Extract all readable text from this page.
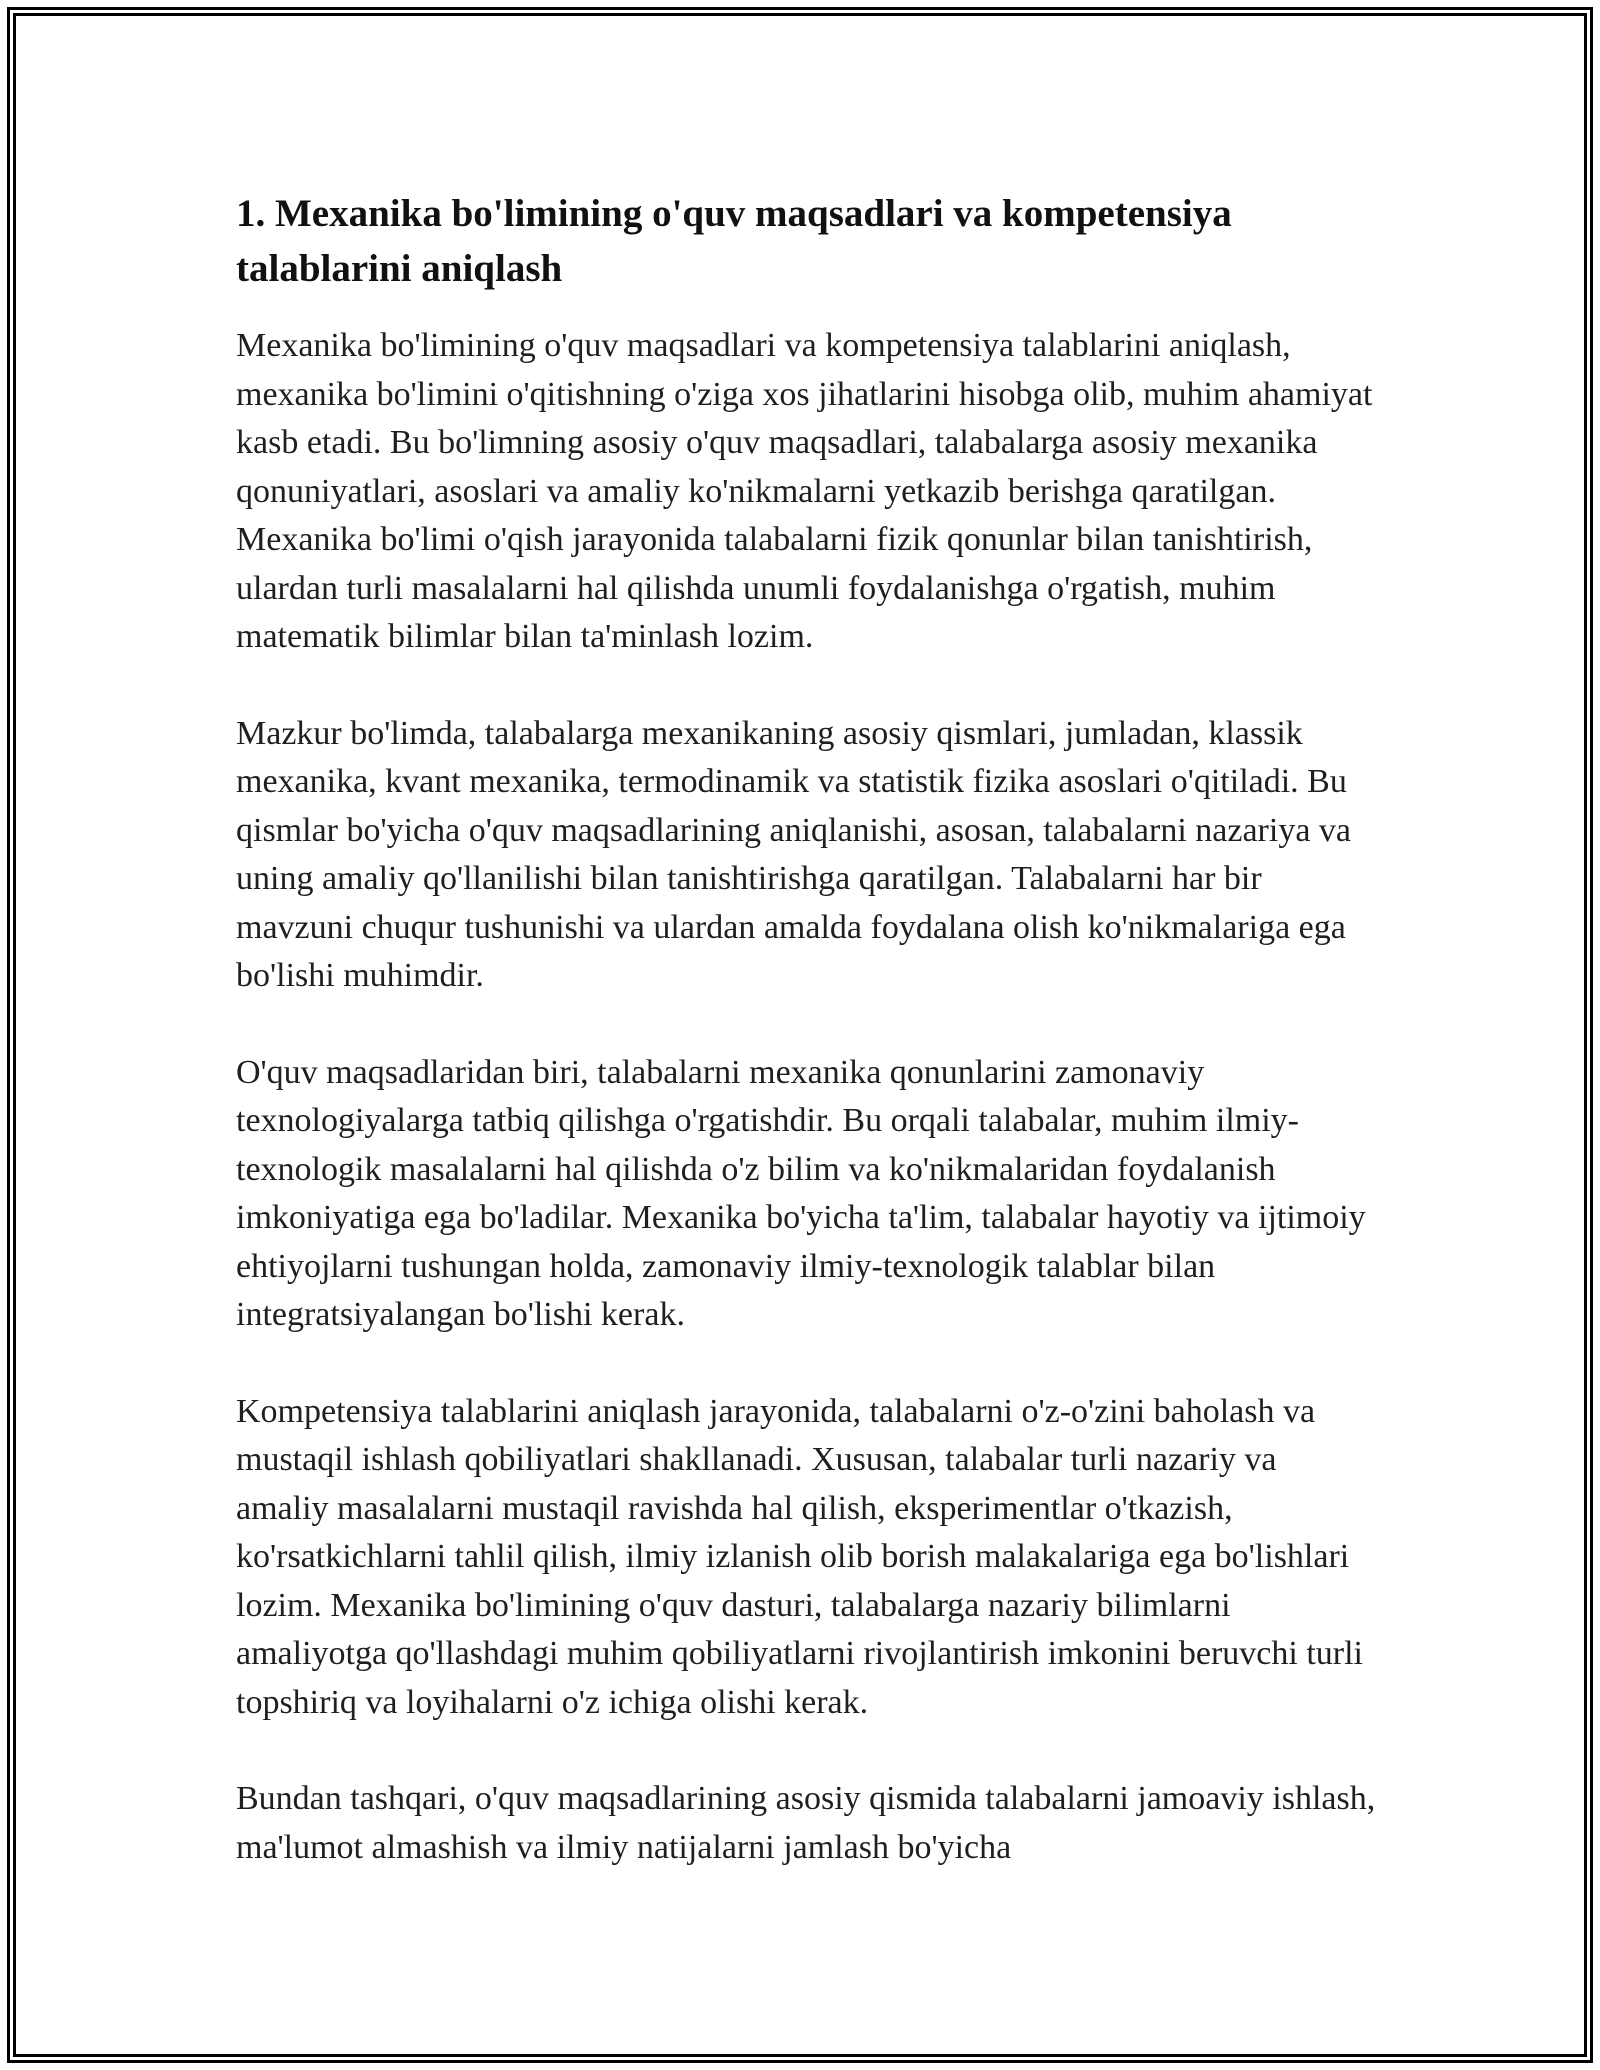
1. Mexanika bo'limining o'quv maqsadlari va kompetensiya talablarini aniqlash

Mexanika bo'limining o'quv maqsadlari va kompetensiya talablarini aniqlash, mexanika bo'limini o'qitishning o'ziga xos jihatlarini hisobga olib, muhim ahamiyat kasb etadi. Bu bo'limning asosiy o'quv maqsadlari, talabalarga asosiy mexanika qonuniyatlari, asoslari va amaliy ko'nikmalarni yetkazib berishga qaratilgan. Mexanika bo'limi o'qish jarayonida talabalarni fizik qonunlar bilan tanishtirish, ulardan turli masalalarni hal qilishda unumli foydalanishga o'rgatish, muhim matematik bilimlar bilan ta'minlash lozim.

Mazkur bo'limda, talabalarga mexanikaning asosiy qismlari, jumladan, klassik mexanika, kvant mexanika, termodinamik va statistik fizika asoslari o'qitiladi. Bu qismlar bo'yicha o'quv maqsadlarining aniqlanishi, asosan, talabalarni nazariya va uning amaliy qo'llanilishi bilan tanishtirishga qaratilgan. Talabalarni har bir mavzuni chuqur tushunishi va ulardan amalda foydalana olish ko'nikmalariga ega bo'lishi muhimdir.

O'quv maqsadlaridan biri, talabalarni mexanika qonunlarini zamonaviy texnologiyalarga tatbiq qilishga o'rgatishdir. Bu orqali talabalar, muhim ilmiy-texnologik masalalarni hal qilishda o'z bilim va ko'nikmalaridan foydalanish imkoniyatiga ega bo'ladilar. Mexanika bo'yicha ta'lim, talabalar hayotiy va ijtimoiy ehtiyojlarni tushungan holda, zamonaviy ilmiy-texnologik talablar bilan integratsiyalangan bo'lishi kerak.

Kompetensiya talablarini aniqlash jarayonida, talabalarni o'z-o'zini baholash va mustaqil ishlash qobiliyatlari shakllanadi. Xususan, talabalar turli nazariy va amaliy masalalarni mustaqil ravishda hal qilish, eksperimentlar o'tkazish, ko'rsatkichlarni tahlil qilish, ilmiy izlanish olib borish malakalariga ega bo'lishlari lozim. Mexanika bo'limining o'quv dasturi, talabalarga nazariy bilimlarni amaliyotga qo'llashdagi muhim qobiliyatlarni rivojlantirish imkonini beruvchi turli topshiriq va loyihalarni o'z ichiga olishi kerak.

Bundan tashqari, o'quv maqsadlarining asosiy qismida talabalarni jamoaviy ishlash, ma'lumot almashish va ilmiy natijalarni jamlash bo'yicha
